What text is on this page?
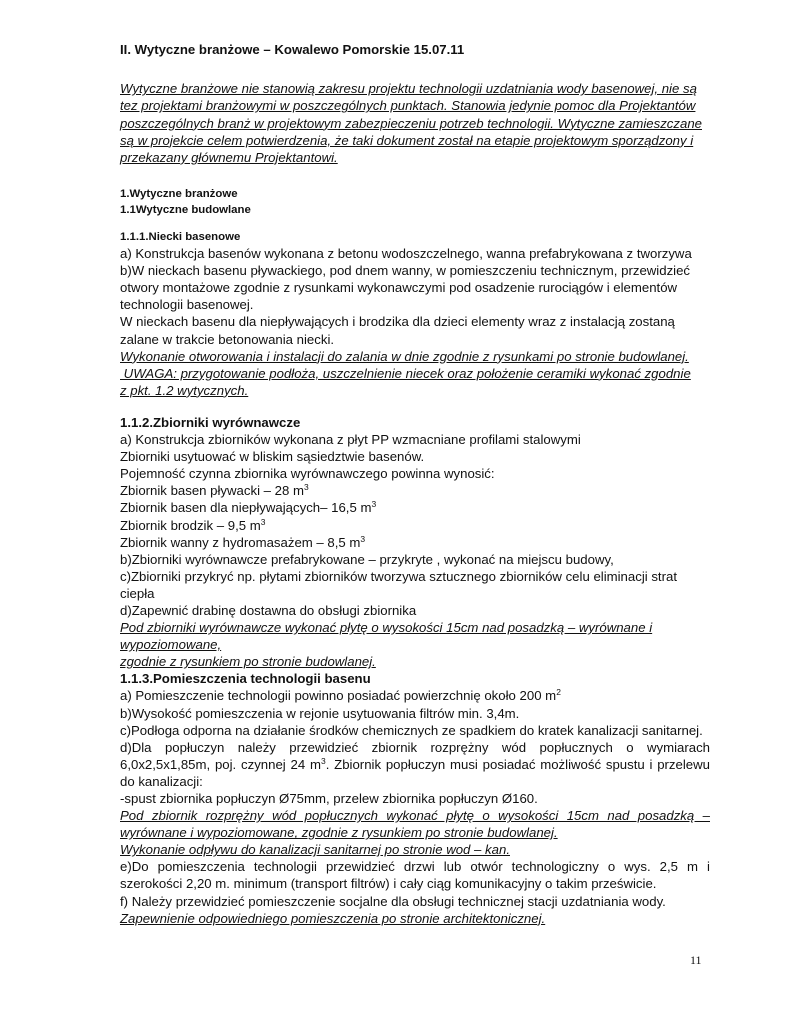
II. Wytyczne branżowe – Kowalewo Pomorskie 15.07.11

Wytyczne branżowe nie stanowią zakresu projektu technologii uzdatniania wody basenowej, nie są tez projektami branżowymi w poszczególnych punktach. Stanowia jedynie pomoc dla Projektantów poszczególnych branż w projektowym zabezpieczeniu potrzeb technologii. Wytyczne zamieszczane są w projekcie celem potwierdzenia, że taki dokument został na etapie projektowym sporządzony i przekazany głównemu Projektantowi.

1.Wytyczne branżowe

1.1Wytyczne budowlane

1.1.1.Niecki basenowe

a) Konstrukcja basenów wykonana z betonu wodoszczelnego, wanna prefabrykowana z tworzywa

b)W nieckach basenu pływackiego, pod dnem wanny, w pomieszczeniu technicznym, przewidzieć otwory montażowe zgodnie z rysunkami wykonawczymi pod osadzenie rurociągów i elementów technologii basenowej.

W nieckach basenu dla niepływających i brodzika dla dzieci elementy wraz z instalacją zostaną zalane w trakcie betonowania niecki.

Wykonanie otworowania i instalacji do zalania w dnie zgodnie z rysunkami po stronie budowlanej.

UWAGA: przygotowanie podłoża, uszczelnienie niecek oraz położenie ceramiki wykonać zgodnie

z pkt. 1.2 wytycznych.

1.1.2.Zbiorniki wyrównawcze

a) Konstrukcja zbiorników wykonana z płyt PP wzmacniane profilami stalowymi

Zbiorniki usytuować w bliskim sąsiedztwie basenów.

Pojemność czynna zbiornika wyrównawczego powinna wynosić:

Zbiornik basen pływacki – 28 $m^3$

Zbiornik basen dla niepływających– 16,5 $m^3$

Zbiornik brodzik – 9,5 $m^3$

Zbiornik wanny z hydromasażem – 8,5 $m^3$

b)Zbiorniki wyrównawcze prefabrykowane – przykryte , wykonać na miejscu budowy,

c)Zbiorniki przykryć np. płytami zbiorników tworzywa sztucznego zbiorników celu eliminacji strat ciepła

d)Zapewnić drabinę dostawna do obsługi zbiornika

Pod zbiorniki wyrównawcze wykonać płytę o wysokości 15cm nad posadzką – wyrównane i wypoziomowane,

zgodnie z rysunkiem po stronie budowlanej.

1.1.3.Pomieszczenia technologii basenu

a) Pomieszczenie technologii powinno posiadać powierzchnię około 200 $m^2$

b)Wysokość pomieszczenia w rejonie usytuowania filtrów min. 3,4m.

c)Podłoga odporna na działanie środków chemicznych ze spadkiem do kratek kanalizacji sanitarnej.

d)Dla popłuczyn należy przewidzieć zbiornik rozprężny wód popłucznych o wymiarach 6,0x2,5x1,85m, poj. czynnej 24 $m^3$. Zbiornik popłuczyn musi posiadać możliwość spustu i przelewu do kanalizacji:

-spust zbiornika popłuczyn Ø75mm, przelew zbiornika popłuczyn Ø160.

Pod zbiornik rozprężny wód popłucznych wykonać płytę o wysokości 15cm nad posadzką – wyrównane i wypoziomowane, zgodnie z rysunkiem po stronie budowlanej.

Wykonanie odpływu do kanalizacji sanitarnej po stronie wod – kan.

e)Do pomieszczenia technologii przewidzieć drzwi lub otwór technologiczny o wys. 2,5 m i szerokości 2,20 m. minimum (transport filtrów) i cały ciąg komunikacyjny o takim prześwicie.

f) Należy przewidzieć pomieszczenie socjalne dla obsługi technicznej stacji uzdatniania wody.

Zapewnienie odpowiedniego pomieszczenia po stronie architektonicznej.

11
